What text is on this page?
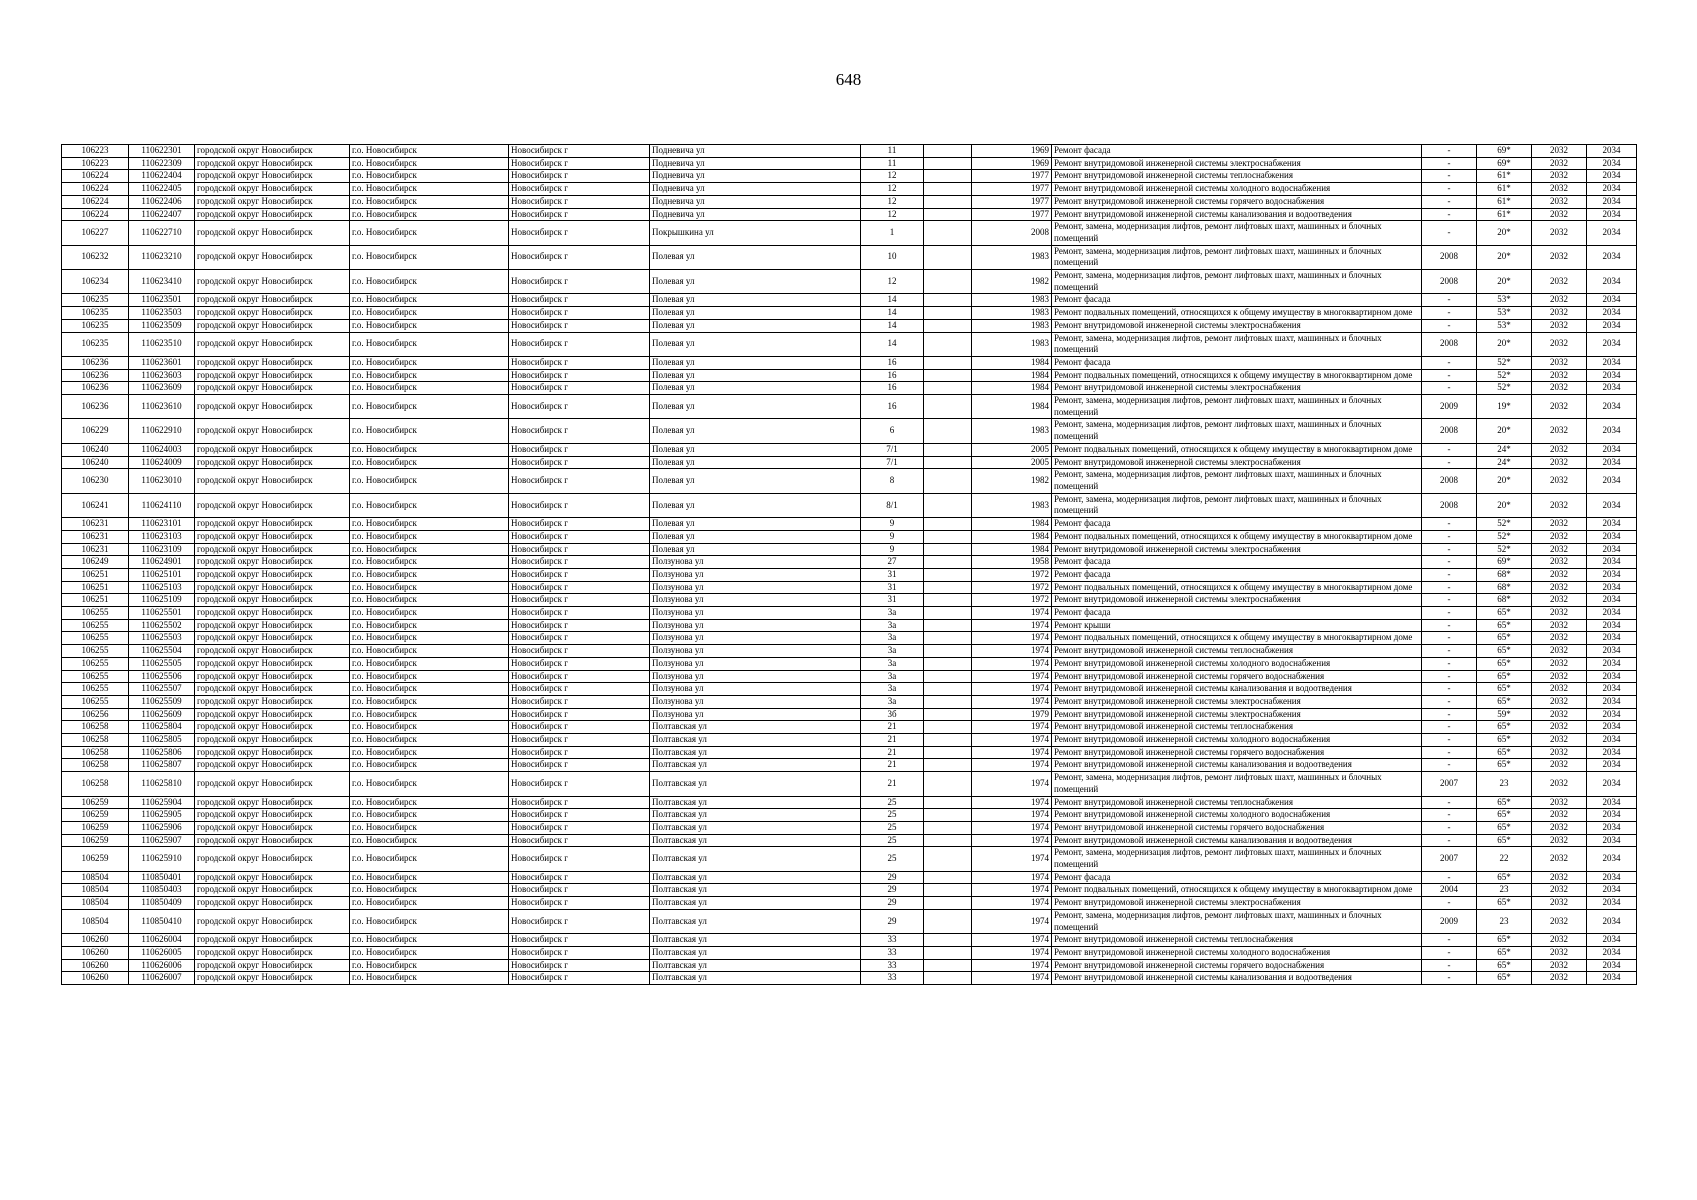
648
106223	110622301	городской округ Новосибирск	г.о. Новосибирск	Новосибирск г	Подневича ул	11		1969	Ремонт фасада	-	69*	2032	2034
106223	110622309	городской округ Новосибирск	г.о. Новосибирск	Новосибирск г	Подневича ул	11		1969	Ремонт внутридомовой инженерной системы электроснабжения	-	69*	2032	2034
106224	110622404	городской округ Новосибирск	г.о. Новосибирск	Новосибирск г	Подневича ул	12		1977	Ремонт внутридомовой инженерной системы теплоснабжения	-	61*	2032	2034
106224	110622405	городской округ Новосибирск	г.о. Новосибирск	Новосибирск г	Подневича ул	12		1977	Ремонт внутридомовой инженерной системы холодного водоснабжения	-	61*	2032	2034
106224	110622406	городской округ Новосибирск	г.о. Новосибирск	Новосибирск г	Подневича ул	12		1977	Ремонт внутридомовой инженерной системы горячего водоснабжения	-	61*	2032	2034
106224	110622407	городской округ Новосибирск	г.о. Новосибирск	Новосибирск г	Подневича ул	12		1977	Ремонт внутридомовой инженерной системы канализования и водоотведения	-	61*	2032	2034
106227	110622710	городской округ Новосибирск	г.о. Новосибирск	Новосибирск г	Покрышкина ул	1		2008	Ремонт, замена, модернизация лифтов, ремонт лифтовых шахт, машинных и блочных помещений	-	20*	2032	2034
106232	110623210	городской округ Новосибирск	г.о. Новосибирск	Новосибирск г	Полевая ул	10		1983	Ремонт, замена, модернизация лифтов, ремонт лифтовых шахт, машинных и блочных помещений	2008	20*	2032	2034
106234	110623410	городской округ Новосибирск	г.о. Новосибирск	Новосибирск г	Полевая ул	12		1982	Ремонт, замена, модернизация лифтов, ремонт лифтовых шахт, машинных и блочных помещений	2008	20*	2032	2034
106235	110623501	городской округ Новосибирск	г.о. Новосибирск	Новосибирск г	Полевая ул	14		1983	Ремонт фасада	-	53*	2032	2034
106235	110623503	городской округ Новосибирск	г.о. Новосибирск	Новосибирск г	Полевая ул	14		1983	Ремонт подвальных помещений, относящихся к общему имуществу в многоквартирном доме	-	53*	2032	2034
106235	110623509	городской округ Новосибирск	г.о. Новосибирск	Новосибирск г	Полевая ул	14		1983	Ремонт внутридомовой инженерной системы электроснабжения	-	53*	2032	2034
106235	110623510	городской округ Новосибирск	г.о. Новосибирск	Новосибирск г	Полевая ул	14		1983	Ремонт, замена, модернизация лифтов, ремонт лифтовых шахт, машинных и блочных помещений	2008	20*	2032	2034
106236	110623601	городской округ Новосибирск	г.о. Новосибирск	Новосибирск г	Полевая ул	16		1984	Ремонт фасада	-	52*	2032	2034
106236	110623603	городской округ Новосибирск	г.о. Новосибирск	Новосибирск г	Полевая ул	16		1984	Ремонт подвальных помещений, относящихся к общему имуществу в многоквартирном доме	-	52*	2032	2034
106236	110623609	городской округ Новосибирск	г.о. Новосибирск	Новосибирск г	Полевая ул	16		1984	Ремонт внутридомовой инженерной системы электроснабжения	-	52*	2032	2034
106236	110623610	городской округ Новосибирск	г.о. Новосибирск	Новосибирск г	Полевая ул	16		1984	Ремонт, замена, модернизация лифтов, ремонт лифтовых шахт, машинных и блочных помещений	2009	19*	2032	2034
106229	110622910	городской округ Новосибирск	г.о. Новосибирск	Новосибирск г	Полевая ул	6		1983	Ремонт, замена, модернизация лифтов, ремонт лифтовых шахт, машинных и блочных помещений	2008	20*	2032	2034
106240	110624003	городской округ Новосибирск	г.о. Новосибирск	Новосибирск г	Полевая ул	7/1		2005	Ремонт подвальных помещений, относящихся к общему имуществу в многоквартирном доме	-	24*	2032	2034
106240	110624009	городской округ Новосибирск	г.о. Новосибирск	Новосибирск г	Полевая ул	7/1		2005	Ремонт внутридомовой инженерной системы электроснабжения	-	24*	2032	2034
106230	110623010	городской округ Новосибирск	г.о. Новосибирск	Новосибирск г	Полевая ул	8		1982	Ремонт, замена, модернизация лифтов, ремонт лифтовых шахт, машинных и блочных помещений	2008	20*	2032	2034
106241	110624110	городской округ Новосибирск	г.о. Новосибирск	Новосибирск г	Полевая ул	8/1		1983	Ремонт, замена, модернизация лифтов, ремонт лифтовых шахт, машинных и блочных помещений	2008	20*	2032	2034
106231	110623101	городской округ Новосибирск	г.о. Новосибирск	Новосибирск г	Полевая ул	9		1984	Ремонт фасада	-	52*	2032	2034
106231	110623103	городской округ Новосибирск	г.о. Новосибирск	Новосибирск г	Полевая ул	9		1984	Ремонт подвальных помещений, относящихся к общему имуществу в многоквартирном доме	-	52*	2032	2034
106231	110623109	городской округ Новосибирск	г.о. Новосибирск	Новосибирск г	Полевая ул	9		1984	Ремонт внутридомовой инженерной системы электроснабжения	-	52*	2032	2034
106249	110624901	городской округ Новосибирск	г.о. Новосибирск	Новосибирск г	Ползунова ул	27		1958	Ремонт фасада	-	69*	2032	2034
106251	110625101	городской округ Новосибирск	г.о. Новосибирск	Новосибирск г	Ползунова ул	31		1972	Ремонт фасада	-	68*	2032	2034
106251	110625103	городской округ Новосибирск	г.о. Новосибирск	Новосибирск г	Ползунова ул	31		1972	Ремонт подвальных помещений, относящихся к общему имуществу в многоквартирном доме	-	68*	2032	2034
106251	110625109	городской округ Новосибирск	г.о. Новосибирск	Новосибирск г	Ползунова ул	31		1972	Ремонт внутридомовой инженерной системы электроснабжения	-	68*	2032	2034
106255	110625501	городской округ Новосибирск	г.о. Новосибирск	Новосибирск г	Ползунова ул	3а		1974	Ремонт фасада	-	65*	2032	2034
106255	110625502	городской округ Новосибирск	г.о. Новосибирск	Новосибирск г	Ползунова ул	3а		1974	Ремонт крыши	-	65*	2032	2034
106255	110625503	городской округ Новосибирск	г.о. Новосибирск	Новосибирск г	Ползунова ул	3а		1974	Ремонт подвальных помещений, относящихся к общему имуществу в многоквартирном доме	-	65*	2032	2034
106255	110625504	городской округ Новосибирск	г.о. Новосибирск	Новосибирск г	Ползунова ул	3а		1974	Ремонт внутридомовой инженерной системы теплоснабжения	-	65*	2032	2034
106255	110625505	городской округ Новосибирск	г.о. Новосибирск	Новосибирск г	Ползунова ул	3а		1974	Ремонт внутридомовой инженерной системы холодного водоснабжения	-	65*	2032	2034
106255	110625506	городской округ Новосибирск	г.о. Новосибирск	Новосибирск г	Ползунова ул	3а		1974	Ремонт внутридомовой инженерной системы горячего водоснабжения	-	65*	2032	2034
106255	110625507	городской округ Новосибирск	г.о. Новосибирск	Новосибирск г	Ползунова ул	3а		1974	Ремонт внутридомовой инженерной системы канализования и водоотведения	-	65*	2032	2034
106255	110625509	городской округ Новосибирск	г.о. Новосибирск	Новосибирск г	Ползунова ул	3а		1974	Ремонт внутридомовой инженерной системы электроснабжения	-	65*	2032	2034
106256	110625609	городской округ Новосибирск	г.о. Новосибирск	Новосибирск г	Ползунова ул	3б		1979	Ремонт внутридомовой инженерной системы электроснабжения	-	59*	2032	2034
106258	110625804	городской округ Новосибирск	г.о. Новосибирск	Новосибирск г	Полтавская ул	21		1974	Ремонт внутридомовой инженерной системы теплоснабжения	-	65*	2032	2034
106258	110625805	городской округ Новосибирск	г.о. Новосибирск	Новосибирск г	Полтавская ул	21		1974	Ремонт внутридомовой инженерной системы холодного водоснабжения	-	65*	2032	2034
106258	110625806	городской округ Новосибирск	г.о. Новосибирск	Новосибирск г	Полтавская ул	21		1974	Ремонт внутридомовой инженерной системы горячего водоснабжения	-	65*	2032	2034
106258	110625807	городской округ Новосибирск	г.о. Новосибирск	Новосибирск г	Полтавская ул	21		1974	Ремонт внутридомовой инженерной системы канализования и водоотведения	-	65*	2032	2034
106258	110625810	городской округ Новосибирск	г.о. Новосибирск	Новосибирск г	Полтавская ул	21		1974	Ремонт, замена, модернизация лифтов, ремонт лифтовых шахт, машинных и блочных помещений	2007	23	2032	2034
106259	110625904	городской округ Новосибирск	г.о. Новосибирск	Новосибирск г	Полтавская ул	25		1974	Ремонт внутридомовой инженерной системы теплоснабжения	-	65*	2032	2034
106259	110625905	городской округ Новосибирск	г.о. Новосибирск	Новосибирск г	Полтавская ул	25		1974	Ремонт внутридомовой инженерной системы холодного водоснабжения	-	65*	2032	2034
106259	110625906	городской округ Новосибирск	г.о. Новосибирск	Новосибирск г	Полтавская ул	25		1974	Ремонт внутридомовой инженерной системы горячего водоснабжения	-	65*	2032	2034
106259	110625907	городской округ Новосибирск	г.о. Новосибирск	Новосибирск г	Полтавская ул	25		1974	Ремонт внутридомовой инженерной системы канализования и водоотведения	-	65*	2032	2034
106259	110625910	городской округ Новосибирск	г.о. Новосибирск	Новосибирск г	Полтавская ул	25		1974	Ремонт, замена, модернизация лифтов, ремонт лифтовых шахт, машинных и блочных помещений	2007	22	2032	2034
108504	110850401	городской округ Новосибирск	г.о. Новосибирск	Новосибирск г	Полтавская ул	29		1974	Ремонт фасада	-	65*	2032	2034
108504	110850403	городской округ Новосибирск	г.о. Новосибирск	Новосибирск г	Полтавская ул	29		1974	Ремонт подвальных помещений, относящихся к общему имуществу в многоквартирном доме	2004	23	2032	2034
108504	110850409	городской округ Новосибирск	г.о. Новосибирск	Новосибирск г	Полтавская ул	29		1974	Ремонт внутридомовой инженерной системы электроснабжения	-	65*	2032	2034
108504	110850410	городской округ Новосибирск	г.о. Новосибирск	Новосибирск г	Полтавская ул	29		1974	Ремонт, замена, модернизация лифтов, ремонт лифтовых шахт, машинных и блочных помещений	2009	23	2032	2034
106260	110626004	городской округ Новосибирск	г.о. Новосибирск	Новосибирск г	Полтавская ул	33		1974	Ремонт внутридомовой инженерной системы теплоснабжения	-	65*	2032	2034
106260	110626005	городской округ Новосибирск	г.о. Новосибирск	Новосибирск г	Полтавская ул	33		1974	Ремонт внутридомовой инженерной системы холодного водоснабжения	-	65*	2032	2034
106260	110626006	городской округ Новосибирск	г.о. Новосибирск	Новосибирск г	Полтавская ул	33		1974	Ремонт внутридомовой инженерной системы горячего водоснабжения	-	65*	2032	2034
106260	110626007	городской округ Новосибирск	г.о. Новосибирск	Новосибирск г	Полтавская ул	33		1974	Ремонт внутридомовой инженерной системы канализования и водоотведения	-	65*	2032	2034
